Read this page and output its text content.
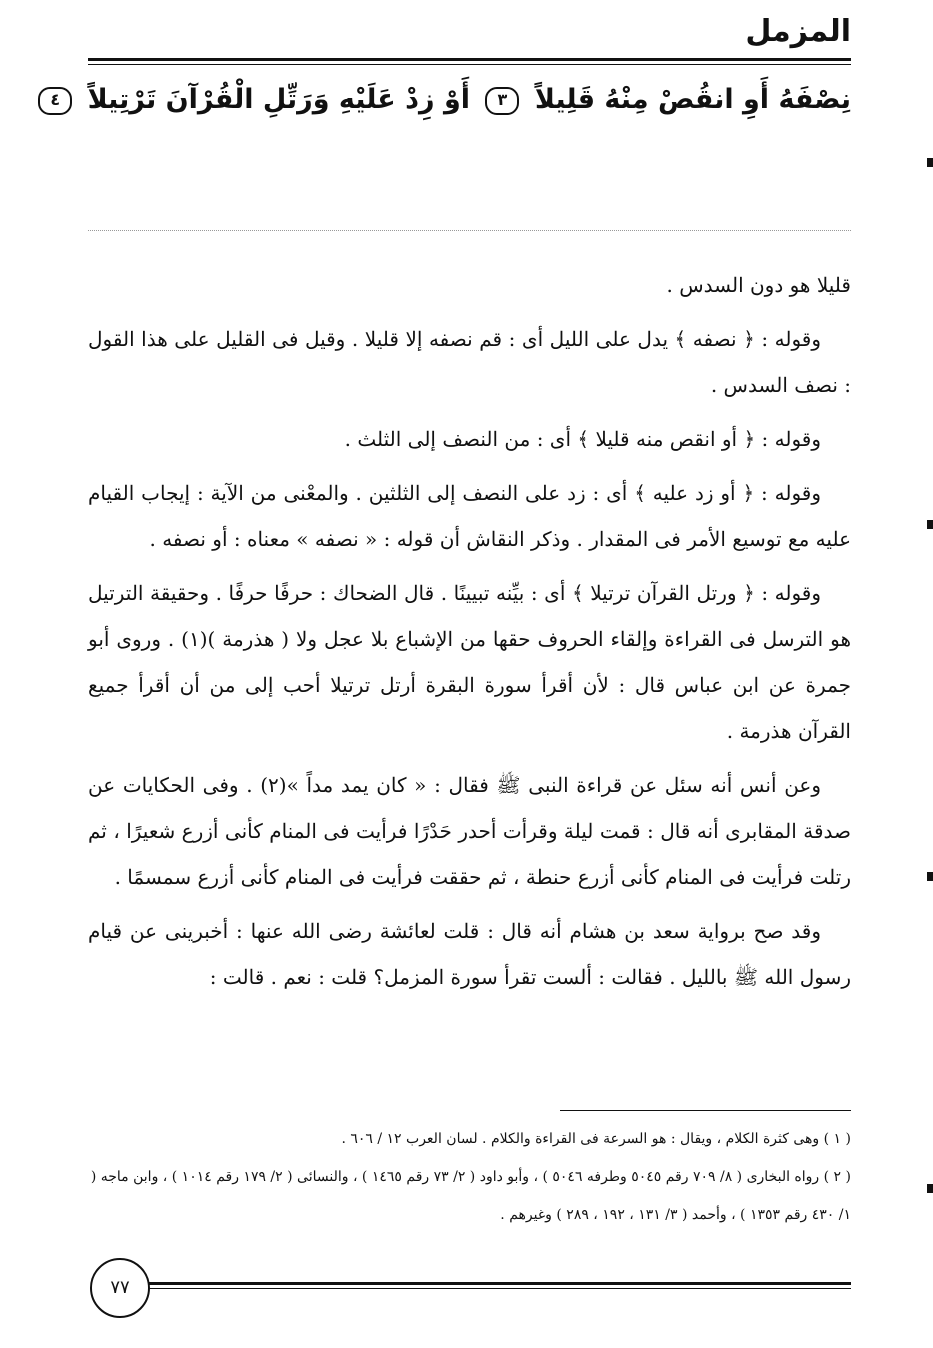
المزمل
نِصْفَهُ أَوِ انقُصْ مِنْهُ قَلِيلاً ٣ أَوْ زِدْ عَلَيْهِ وَرَتِّلِ الْقُرْآنَ تَرْتِيلاً ٤

قليلا هو دون السدس .

وقوله : ﴿ نصفه ﴾ يدل على الليل أى : قم نصفه إلا قليلا . وقيل فى القليل على هذا القول : نصف السدس .

وقوله : ﴿ أو انقص منه قليلا ﴾ أى : من النصف إلى الثلث .

وقوله : ﴿ أو زد عليه ﴾ أى : زد على النصف إلى الثلثين . والمعْنى من الآية : إيجاب القيام عليه مع توسيع الأمر فى المقدار . وذكر النقاش أن قوله : « نصفه » معناه : أو نصفه .

وقوله : ﴿ ورتل القرآن ترتيلا ﴾ أى : بيِّنه تبيينًا . قال الضحاك : حرفًا حرفًا . وحقيقة الترتيل هو الترسل فى القراءة وإلقاء الحروف حقها من الإشباع بلا عجل ولا ( هذرمة )(١) . وروى أبو جمرة عن ابن عباس قال : لأن أقرأ سورة البقرة أرتل ترتيلا أحب إلى من أن أقرأ جميع القرآن هذرمة .

وعن أنس أنه سئل عن قراءة النبى ﷺ فقال : « كان يمد مداً »(٢) . وفى الحكايات عن صدقة المقابرى أنه قال : قمت ليلة وقرأت أحدر حَدْرًا فرأيت فى المنام كأنى أزرع شعيرًا ، ثم رتلت فرأيت فى المنام كأنى أزرع حنطة ، ثم حققت فرأيت فى المنام كأنى أزرع سمسمًا .

وقد صح برواية سعد بن هشام أنه قال : قلت لعائشة رضى الله عنها : أخبرينى عن قيام رسول الله ﷺ بالليل . فقالت : ألست تقرأ سورة المزمل؟ قلت : نعم . قالت :

( ١ ) وهى كثرة الكلام ، ويقال : هو السرعة فى القراءة والكلام . لسان العرب ١٢ / ٦٠٦ .

( ٢ ) رواه البخارى ( ٨/ ٧٠٩ رقم ٥٠٤٥ وطرفه ٥٠٤٦ ) ، وأبو داود ( ٢/ ٧٣ رقم ١٤٦٥ ) ، والنسائى ( ٢/ ١٧٩ رقم ١٠١٤ ) ، وابن ماجه ( ١/ ٤٣٠ رقم ١٣٥٣ ) ، وأحمد ( ٣/ ١٣١ ، ١٩٢ ، ٢٨٩ ) وغيرهم .

٧٧
